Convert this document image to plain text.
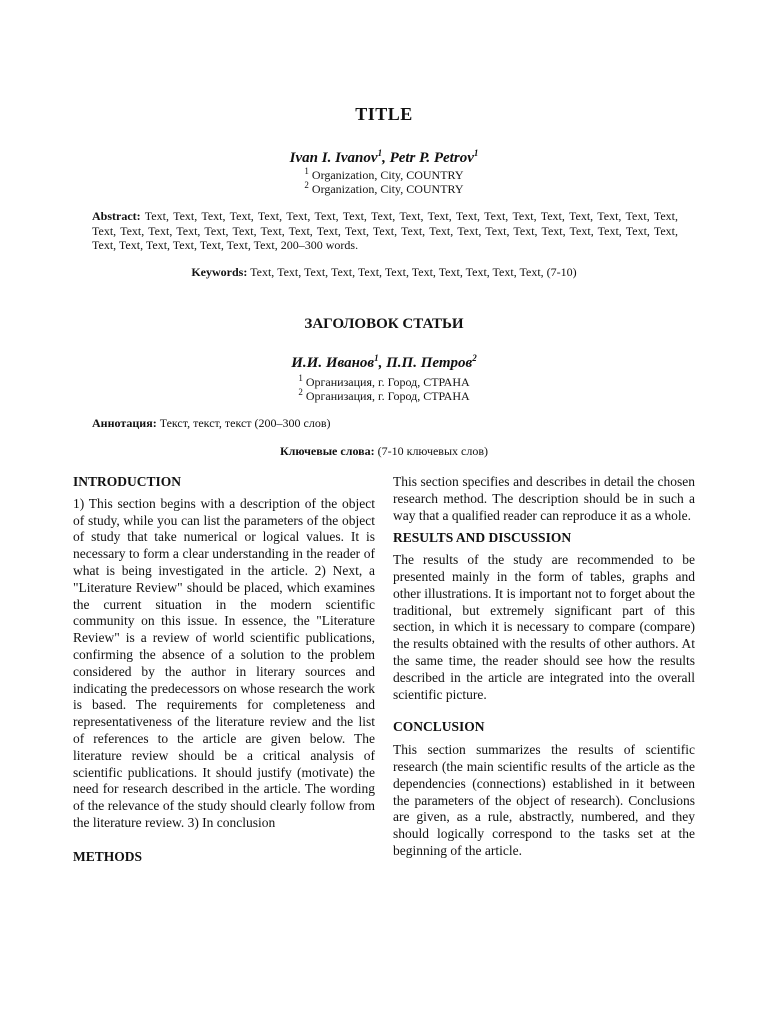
TITLE
Ivan I. Ivanov$^1$, Petr P. Petrov$^1$
$^1$ Organization, City, COUNTRY
$^2$ Organization, City, COUNTRY
Abstract: Text, Text, Text, Text, Text, Text, Text, Text, Text, Text, Text, Text, Text, Text, Text, Text, Text, Text, Text, Text, Text, Text, Text, Text, Text, Text, Text, Text, Text, Text, Text, Text, Text, Text, Text, Text, Text, Text, Text, Text, Text, Text, Text, Text, Text, Text, Text, 200–300 words.
Keywords: Text, Text, Text, Text, Text, Text, Text, Text, Text, Text, Text, (7-10)
ЗАГОЛОВОК СТАТЬИ
И.И. Иванов$^1$, П.П. Петров$^2$
$^1$ Организация, г. Город, СТРАНА
$^2$ Организация, г. Город, СТРАНА
Аннотация: Текст, текст, текст (200–300 слов)
Ключевые слова: (7-10 ключевых слов)

INTRODUCTION

1) This section begins with a description of the object of study, while you can list the parameters of the object of study that take numerical or logical values. It is necessary to form a clear understanding in the reader of what is being investigated in the article. 2) Next, a "Literature Review" should be placed, which examines the current situation in the modern scientific community on this issue. In essence, the "Literature Review" is a review of world scientific publications, confirming the absence of a solution to the problem considered by the author in literary sources and indicating the predecessors on whose research the work is based. The requirements for completeness and representativeness of the literature review and the list of references to the article are given below. The literature review should be a critical analysis of scientific publications. It should justify (motivate) the need for research described in the article. The wording of the relevance of the study should clearly follow from the literature review. 3) In conclusion

METHODS

This section specifies and describes in detail the chosen research method. The description should be in such a way that a qualified reader can reproduce it as a whole.

RESULTS AND DISCUSSION

The results of the study are recommended to be presented mainly in the form of tables, graphs and other illustrations. It is important not to forget about the traditional, but extremely significant part of this section, in which it is necessary to compare (compare) the results obtained with the results of other authors. At the same time, the reader should see how the results described in the article are integrated into the overall scientific picture.

CONCLUSION

This section summarizes the results of scientific research (the main scientific results of the article as the dependencies (connections) established in it between the parameters of the object of research). Conclusions are given, as a rule, abstractly, numbered, and they should logically correspond to the tasks set at the beginning of the article.
